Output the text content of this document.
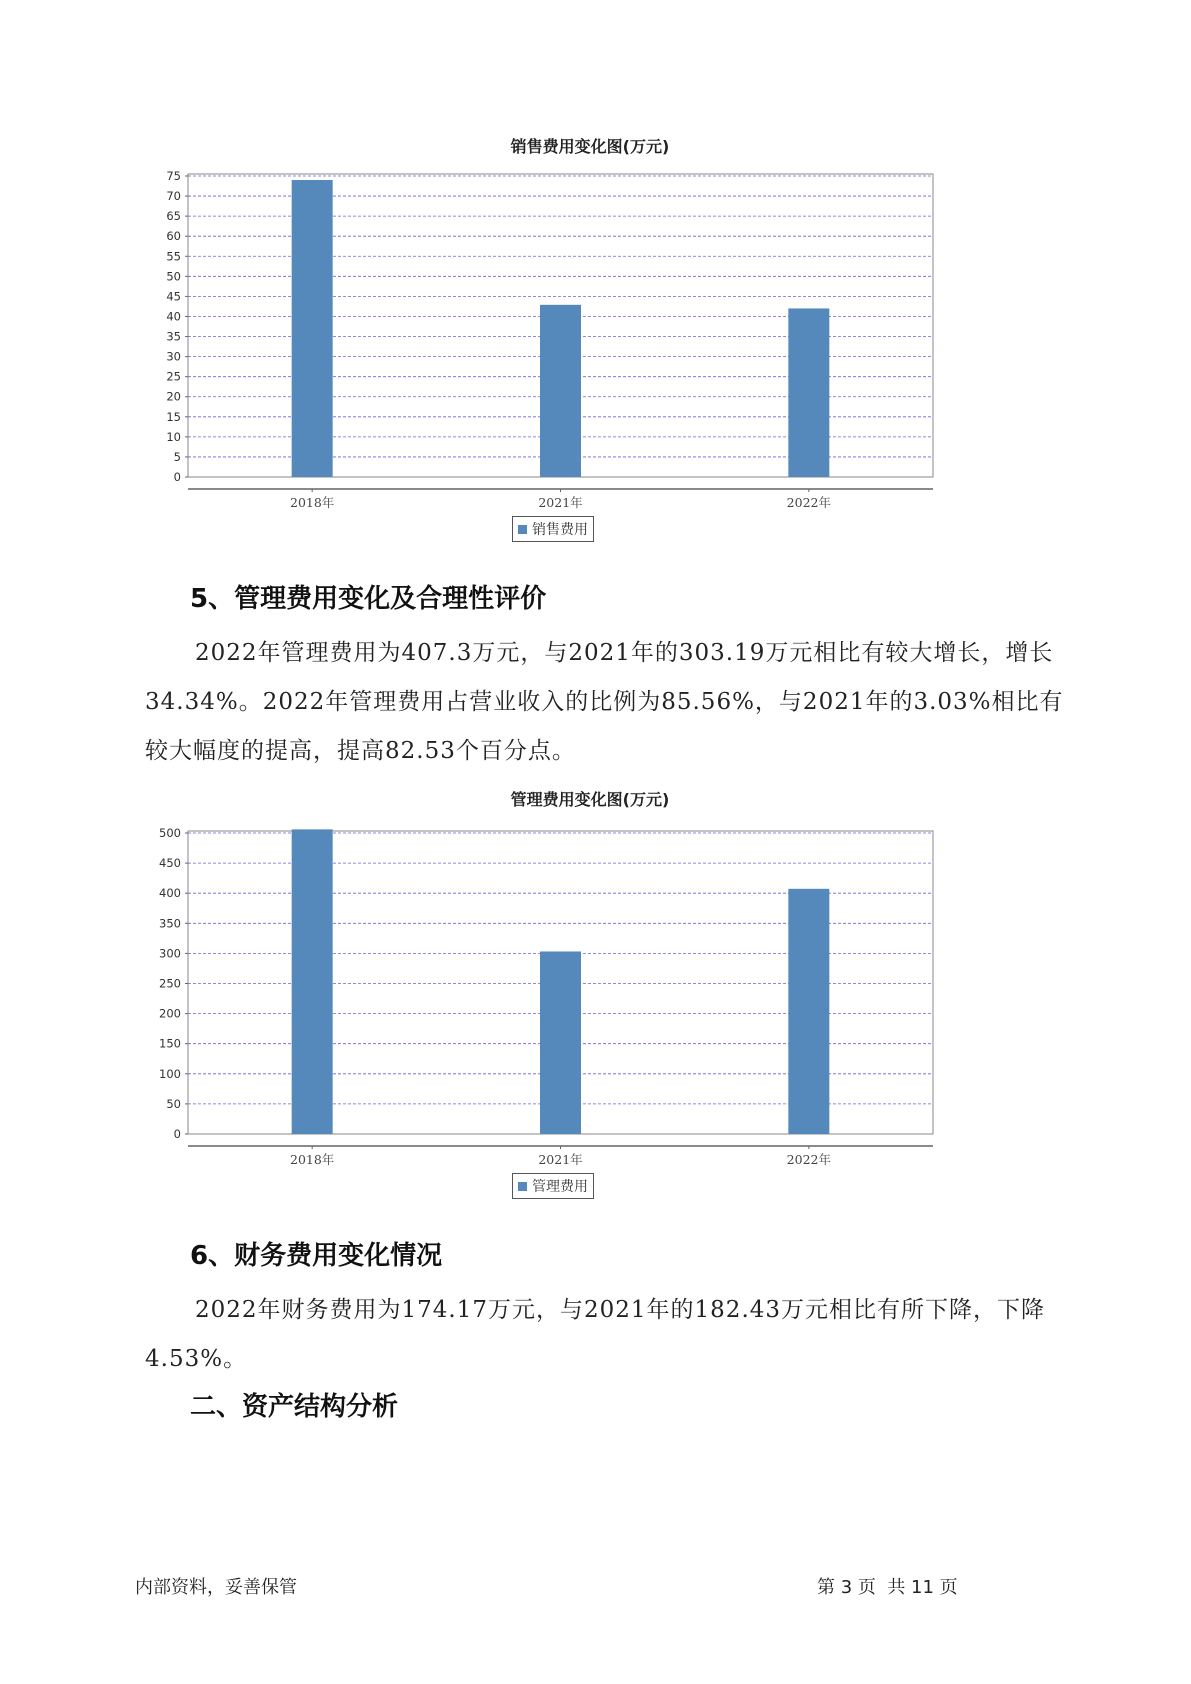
销售费用变化图(万元)
0
5
10
15
20
25
30
35
40
45
50
55
60
65
70
75
2018年	2021年	2022年
销售费用
5、管理费用变化及合理性评价

2022年管理费用为407.3万元，与2021年的303.19万元相比有较大增长，增长34.34%。2022年管理费用占营业收入的比例为85.56%，与2021年的3.03%相比有较大幅度的提高，提高82.53个百分点。

管理费用变化图(万元)
0
50
100
150
200
250
300
350
400
450
500
2018年	2021年	2022年
管理费用
6、财务费用变化情况

2022年财务费用为174.17万元，与2021年的182.43万元相比有所下降，下降4.53%。

二、资产结构分析
内部资料，妥善保管	第 3 页  共 11 页
